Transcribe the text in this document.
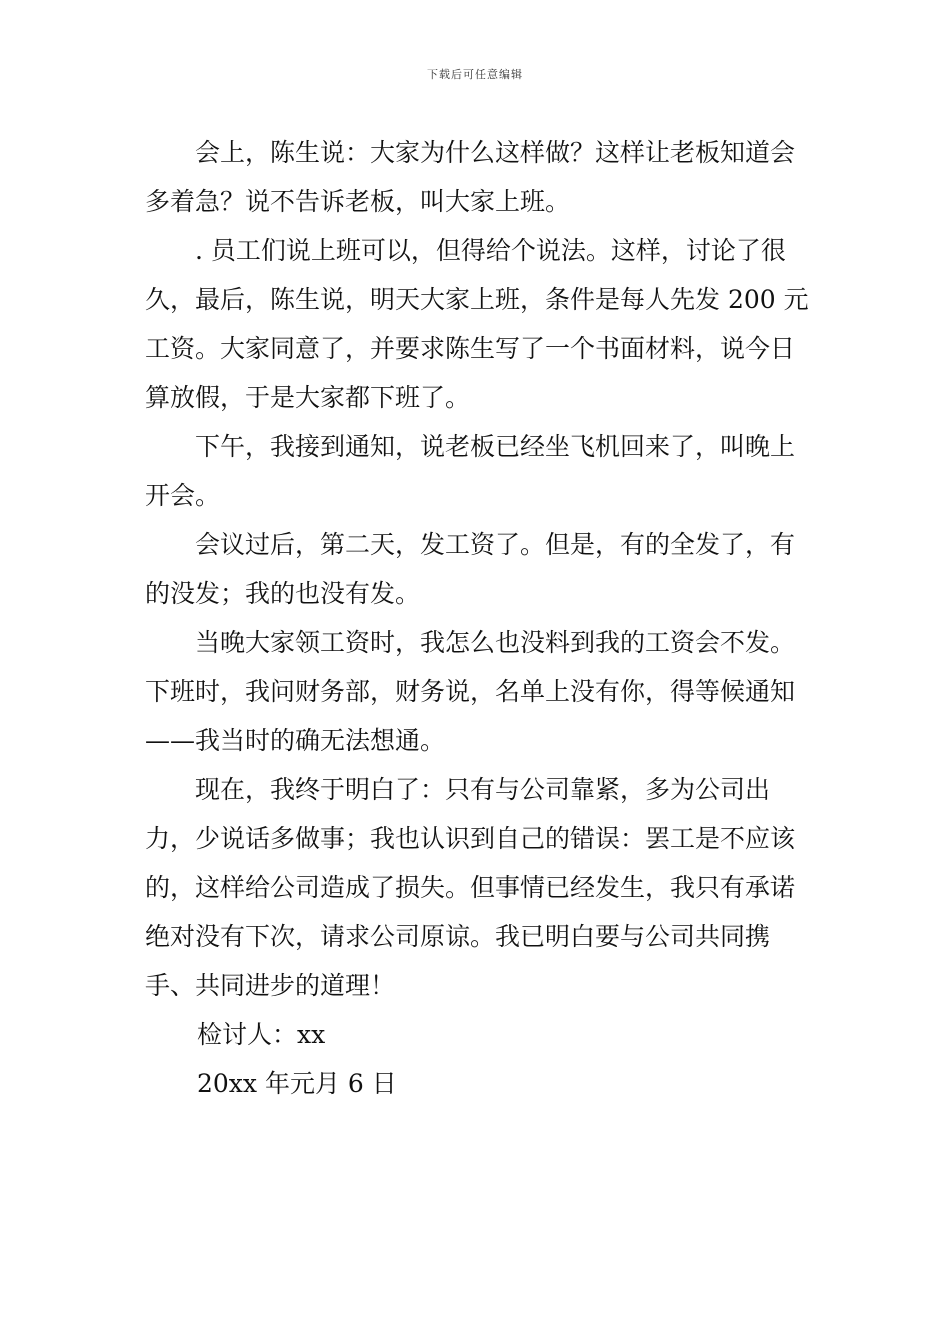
下载后可任意编辑

会上，陈生说：大家为什么这样做？这样让老板知道会多着急？说不告诉老板，叫大家上班。

. 员工们说上班可以，但得给个说法。这样，讨论了很久，最后，陈生说，明天大家上班，条件是每人先发 200 元工资。大家同意了，并要求陈生写了一个书面材料，说今日算放假，于是大家都下班了。

下午，我接到通知，说老板已经坐飞机回来了，叫晚上开会。

会议过后，第二天，发工资了。但是，有的全发了，有的没发；我的也没有发。

当晚大家领工资时，我怎么也没料到我的工资会不发。下班时，我问财务部，财务说，名单上没有你，得等候通知——我当时的确无法想通。

现在，我终于明白了：只有与公司靠紧，多为公司出力，少说话多做事；我也认识到自己的错误：罢工是不应该的，这样给公司造成了损失。但事情已经发生，我只有承诺绝对没有下次，请求公司原谅。我已明白要与公司共同携手、共同进步的道理！

检讨人：xx

20xx 年元月 6 日
